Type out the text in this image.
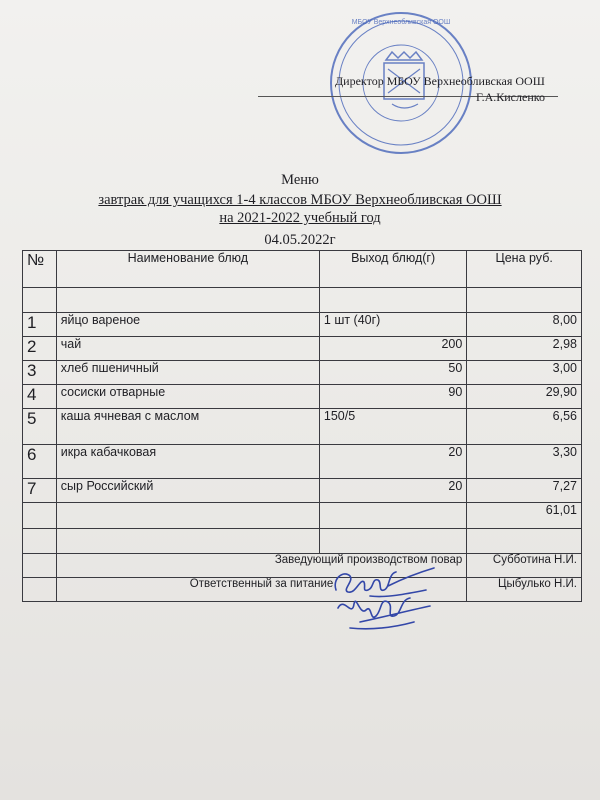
МБОУ Верхнеобливская ООШ
Директор МБОУ Верхнеобливская ООШ
Г.А.Кисленко
Меню
завтрак для учащихся 1-4 классов МБОУ Верхнеобливская ООШ
на 2021-2022 учебный год
04.05.2022г
№	Наименование блюд	Выход блюд(г)	Цена руб.

1	яйцо вареное	1 шт (40г)	8,00
2	чай	200	2,98
3	хлеб пшеничный	50	3,00
4	сосиски отварные	90	29,90
5	каша ячневая с маслом	150/5	6,56
6	икра кабачковая	20	3,30
7	сыр Российский	20	7,27
			61,01

	Заведующий производством повар		Субботина Н.И.
	Ответственный за питание		Цыбулько Н.И.
